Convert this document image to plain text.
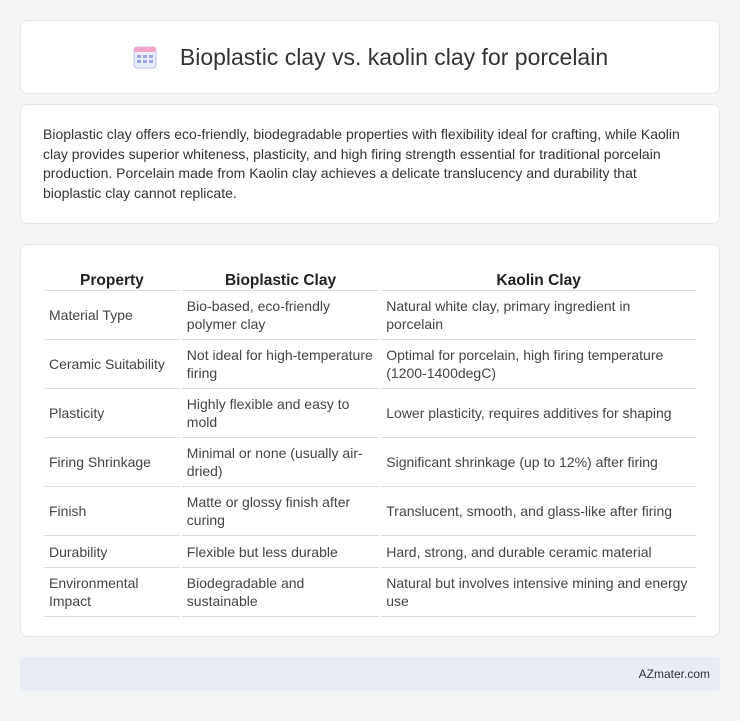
Bioplastic clay vs. kaolin clay for porcelain

Bioplastic clay offers eco-friendly, biodegradable properties with flexibility ideal for crafting, while Kaolin clay provides superior whiteness, plasticity, and high firing strength essential for traditional porcelain production. Porcelain made from Kaolin clay achieves a delicate translucency and durability that bioplastic clay cannot replicate.

Property	Bioplastic Clay	Kaolin Clay
Material Type	Bio-based, eco-friendly polymer clay	Natural white clay, primary ingredient in porcelain
Ceramic Suitability	Not ideal for high-temperature firing	Optimal for porcelain, high firing temperature (1200-1400degC)
Plasticity	Highly flexible and easy to mold	Lower plasticity, requires additives for shaping
Firing Shrinkage	Minimal or none (usually air-dried)	Significant shrinkage (up to 12%) after firing
Finish	Matte or glossy finish after curing	Translucent, smooth, and glass-like after firing
Durability	Flexible but less durable	Hard, strong, and durable ceramic material
Environmental Impact	Biodegradable and sustainable	Natural but involves intensive mining and energy use
AZmater.com
